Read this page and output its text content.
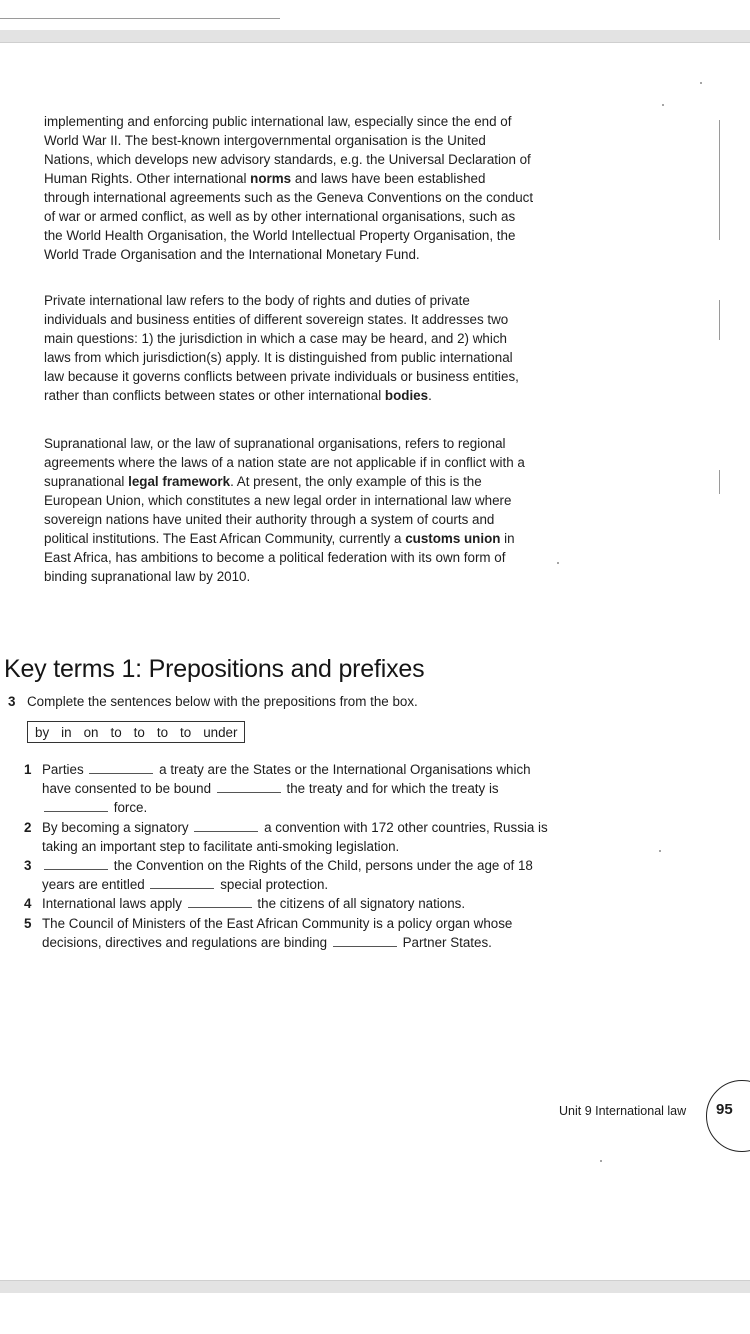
implementing and enforcing public international law, especially since the end of World War II. The best-known intergovernmental organisation is the United Nations, which develops new advisory standards, e.g. the Universal Declaration of Human Rights. Other international norms and laws have been established through international agreements such as the Geneva Conventions on the conduct of war or armed conflict, as well as by other international organisations, such as the World Health Organisation, the World Intellectual Property Organisation, the World Trade Organisation and the International Monetary Fund.

Private international law refers to the body of rights and duties of private individuals and business entities of different sovereign states. It addresses two main questions: 1) the jurisdiction in which a case may be heard, and 2) which laws from which jurisdiction(s) apply. It is distinguished from public international law because it governs conflicts between private individuals or business entities, rather than conflicts between states or other international bodies.

Supranational law, or the law of supranational organisations, refers to regional agreements where the laws of a nation state are not applicable if in conflict with a supranational legal framework. At present, the only example of this is the European Union, which constitutes a new legal order in international law where sovereign nations have united their authority through a system of courts and political institutions. The East African Community, currently a customs union in East Africa, has ambitions to become a political federation with its own form of binding supranational law by 2010.

Key terms 1: Prepositions and prefixes
3 Complete the sentences below with the prepositions from the box.
by in on to to to to under
1 Parties	a treaty are the States or the International Organisations which have consented to be bound	the treaty and for which the treaty is  force.
2 By becoming a signatory	a convention with 172 other countries, Russia is taking an important step to facilitate anti-smoking legislation.
3	the Convention on the Rights of the Child, persons under the age of 18 years are entitled	special protection.
4 International laws apply	the citizens of all signatory nations.
5 The Council of Ministers of the East African Community is a policy organ whose decisions, directives and regulations are binding	Partner States.
Unit 9 International law 95
